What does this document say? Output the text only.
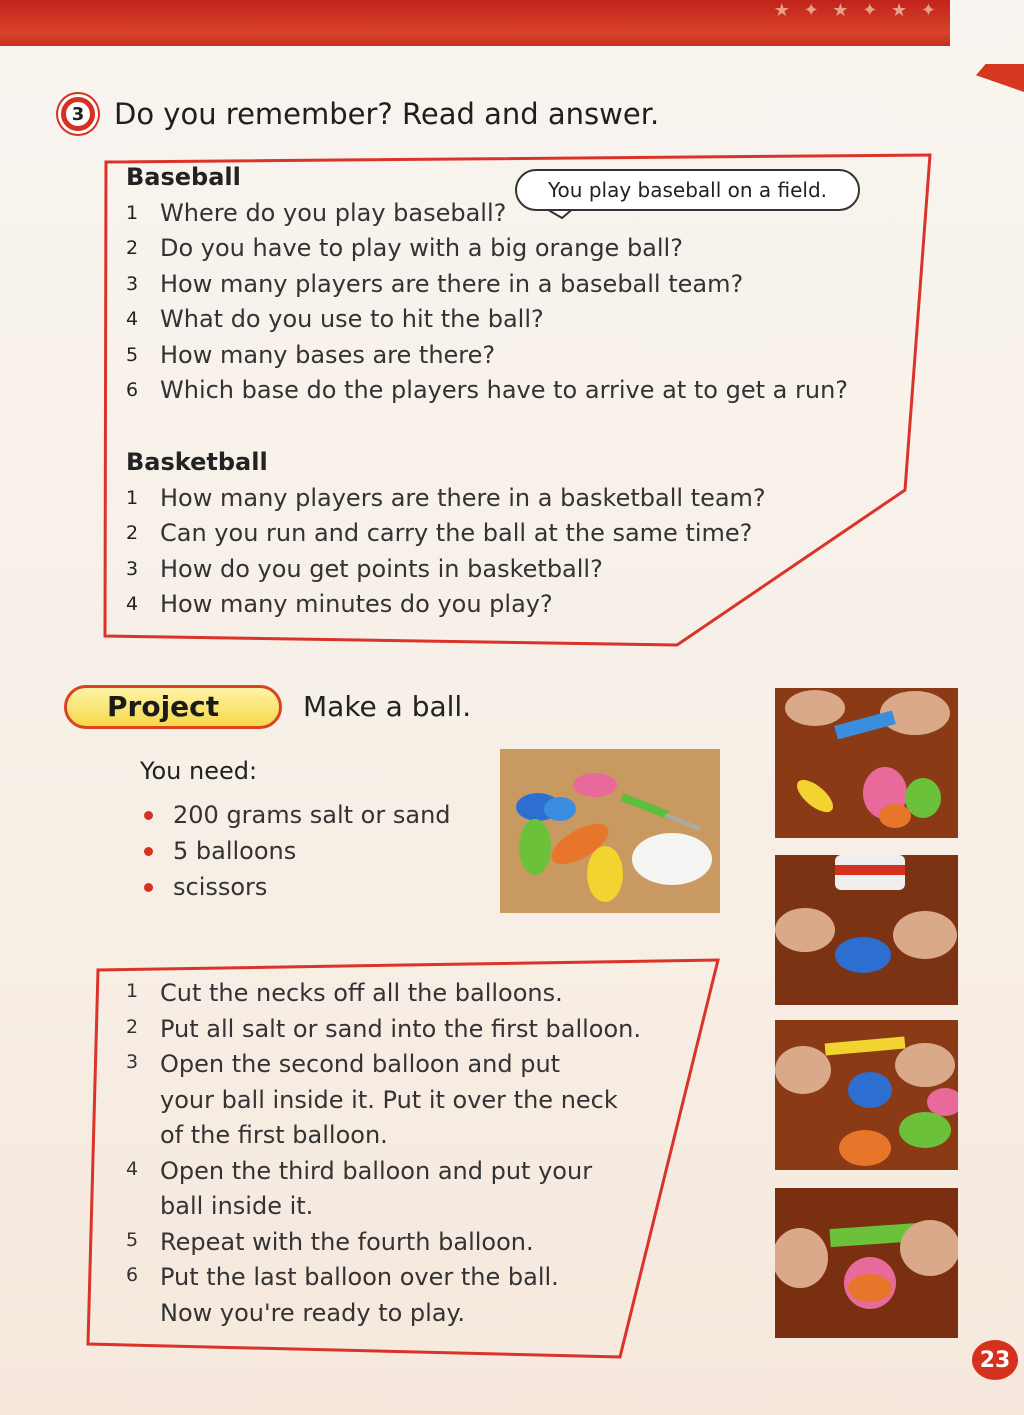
★ ✦ ★ ✦ ★ ✦
3 Do you remember? Read and answer.
You play baseball on a field.
Baseball
1 Where do you play baseball?
2 Do you have to play with a big orange ball?
3 How many players are there in a baseball team?
4 What do you use to hit the ball?
5 How many bases are there?
6 Which base do the players have to arrive at to get a run?
Basketball
1 How many players are there in a basketball team?
2 Can you run and carry the ball at the same time?
3 How do you get points in basketball?
4 How many minutes do you play?
Project	Make a ball.
You need:
200 grams salt or sand
5 balloons
scissors
1 Cut the necks off all the balloons.
2 Put all salt or sand into the first balloon.
3 Open the second balloon and put your ball inside it. Put it over the neck of the first balloon.
4 Open the third balloon and put your ball inside it.
5 Repeat with the fourth balloon.
6 Put the last balloon over the ball. Now you're ready to play.
23
